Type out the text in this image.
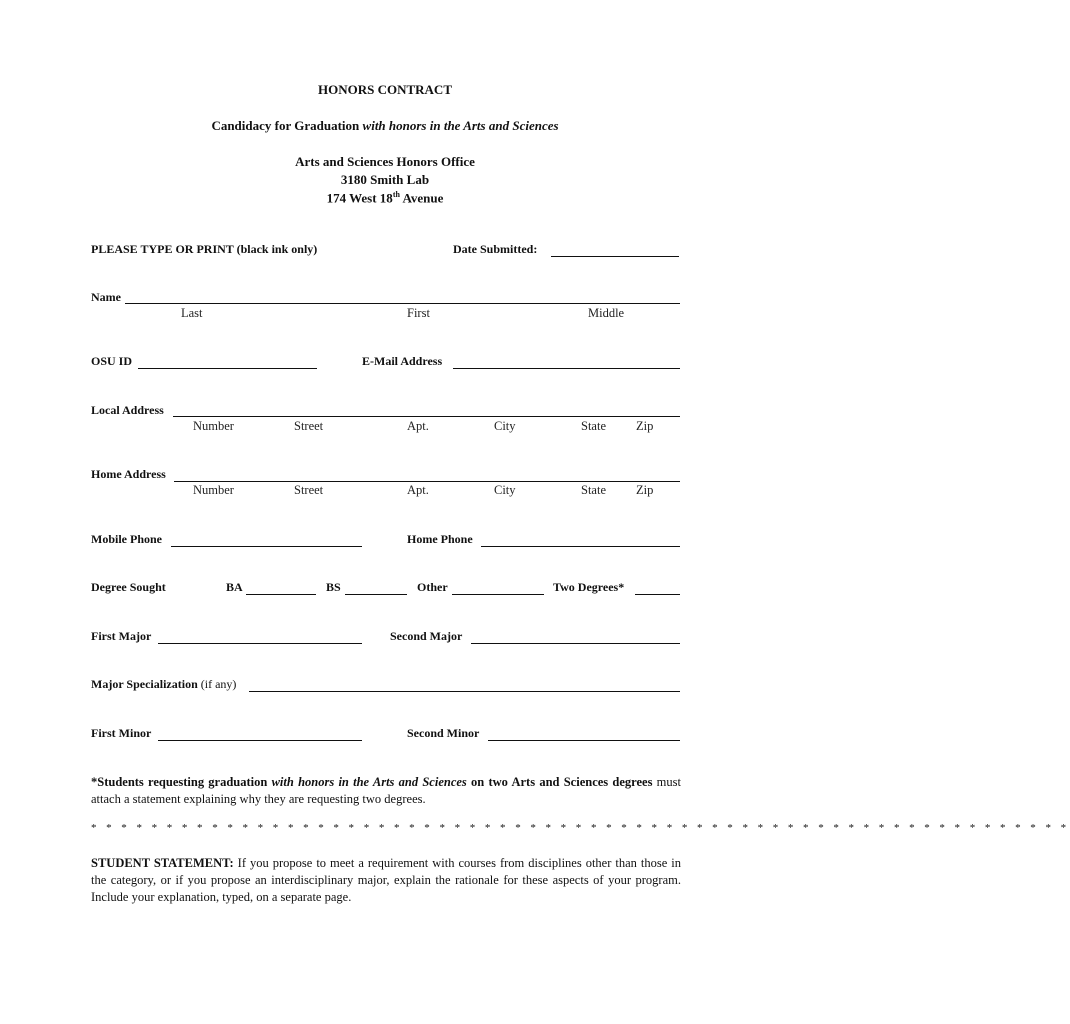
HONORS CONTRACT
Candidacy for Graduation with honors in the Arts and Sciences
Arts and Sciences Honors Office
3180 Smith Lab
174 West 18th Avenue
PLEASE TYPE OR PRINT (black ink only)	Date Submitted:
Name
Last	First	Middle
OSU ID	E-Mail Address
Local Address
Number	Street	Apt.	City	State Zip
Home Address
Number	Street	Apt.	City	State Zip
Mobile Phone	Home Phone
Degree Sought	BA	BS	Other	Two Degrees*
First Major	Second Major
Major Specialization (if any)
First Minor	Second Minor
*Students requesting graduation with honors in the Arts and Sciences on two Arts and Sciences degrees must attach a statement explaining why they are requesting two degrees.
* * * * * * * * * * * * * * * * * * * * * * * * * * * * * * * * * * * * * * * * * * * * * * * * * * * * * * * * * * * * * * * * *
STUDENT STATEMENT: If you propose to meet a requirement with courses from disciplines other than those in the category, or if you propose an interdisciplinary major, explain the rationale for these aspects of your program. Include your explanation, typed, on a separate page.
